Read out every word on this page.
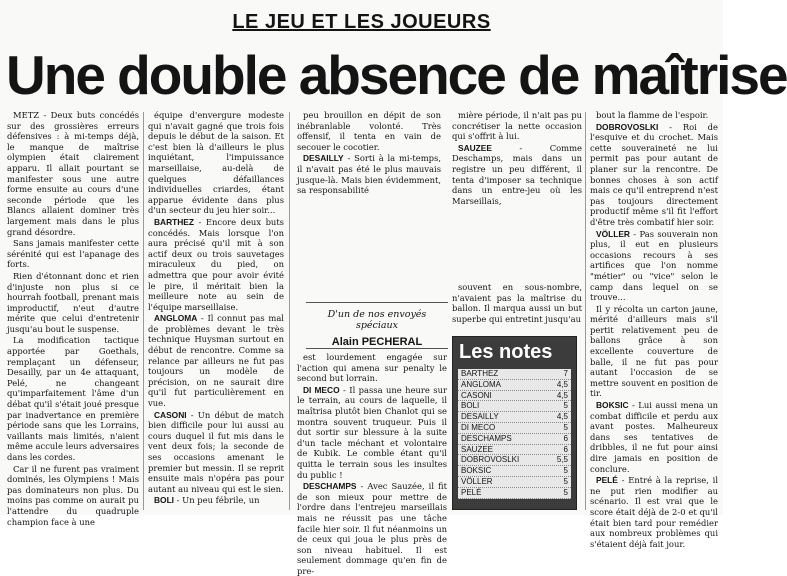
LE JEU ET LES JOUEURS
Une double absence de maîtrise

METZ - Deux buts concédés sur des grossières erreurs défensives : à mi-temps déjà, le manque de maîtrise olympien était clairement apparu. Il allait pourtant se manifester sous une autre forme ensuite au cours d'une seconde période que les Blancs allaient dominer très largement mais dans le plus grand désordre.

Sans jamais manifester cette sérénité qui est l'apanage des forts.

Rien d'étonnant donc et rien d'injuste non plus si ce hourrah football, prenant mais improductif, n'eut d'autre mérite que celui d'entretenir jusqu'au bout le suspense.

La modification tactique apportée par Goethals, remplaçant un défenseur, Desailly, par un 4e attaquant, Pelé, ne changeant qu'imparfaitement l'âme d'un débat qu'il s'était joué presque par inadvertance en première période sans que les Lorrains, vaillants mais limités, n'aient même accule leurs adversaires dans les cordes.

Car il ne furent pas vraiment dominés, les Olympiens ! Mais pas dominateurs non plus. Du moins pas comme on aurait pu l'attendre du quadruple champion face à une

équipe d'envergure modeste qui n'avait gagné que trois fois depuis le début de la saison. Et c'est bien là d'ailleurs le plus inquiétant, l'impuissance marseillaise, au-delà de quelques défaillances individuelles criardes, étant apparue évidente dans plus d'un secteur du jeu hier soir...

BARTHEZ - Encore deux buts concédés. Mais lorsque l'on aura précisé qu'il mit à son actif deux ou trois sauvetages miraculeux du pied, on admettra que pour avoir évité le pire, il méritait bien la meilleure note au sein de l'équipe marseillaise.

ANGLOMA - Il connut pas mal de problèmes devant le très technique Huysman surtout en début de rencontre. Comme sa relance par ailleurs ne fut pas toujours un modèle de précision, on ne saurait dire qu'il fut particulièrement en vue.

CASONI - Un début de match bien difficile pour lui aussi au cours duquel il fut mis dans le vent deux fois; la seconde de ses occasions amenant le premier but messin. Il se reprit ensuite mais n'opéra pas pour autant au niveau qui est le sien.

BOLI - Un peu fébrile, un

peu brouillon en dépit de son inébranlable volonté. Très offensif, il tenta en vain de secouer le cocotier.

DESAILLY - Sorti à la mi-temps, il n'avait pas été le plus mauvais jusque-là. Mais bien évidemment, sa responsabilité

est lourdement engagée sur l'action qui amena sur penalty le second but lorrain.

DI MECO - Il passa une heure sur le terrain, au cours de laquelle, il maîtrisa plutôt bien Chanlot qui se montra souvent truqueur. Puis il dut sortir sur blessure à la suite d'un tacle méchant et volontaire de Kubik. Le comble étant qu'il quitta le terrain sous les insultes du public !

DESCHAMPS - Avec Sauzée, il fit de son mieux pour mettre de l'ordre dans l'entrejeu marseillais mais ne réussit pas une tâche facile hier soir. Il fut néanmoins un de ceux qui joua le plus près de son niveau habituel. Il est seulement dommage qu'en fin de pre-

mière période, il n'ait pas pu concrétiser la nette occasion qui s'offrit à lui.

SAUZEE - Comme Deschamps, mais dans un registre un peu différent, il tenta d'imposer sa technique dans un entre-jeu où les Marseillais,

souvent en sous-nombre, n'avaient pas la maîtrise du ballon. Il marqua aussi un but superbe qui entretint jusqu'au

bout la flamme de l'espoir.

DOBROVOSLKI - Roi de l'esquive et du crochet. Mais cette souveraineté ne lui permit pas pour autant de planer sur la rencontre. De bonnes choses à son actif mais ce qu'il entreprend n'est pas toujours directement productif même s'il fit l'effort d'être très combatif hier soir.

VÖLLER - Pas souverain non plus, il eut en plusieurs occasions recours à ses artifices que l'on nomme "métier" ou "vice" selon le camp dans lequel on se trouve...

Il y récolta un carton jaune, mérité d'ailleurs mais s'il pertit relativement peu de ballons grâce à son excellente couverture de balle, il ne fut pas pour autant l'occasion de se mettre souvent en position de tir.

BOKSIC - Lui aussi mena un combat difficile et perdu aux avant postes. Malheureux dans ses tentatives de dribbles, il ne fut pour ainsi dire jamais en position de conclure.

PELÉ - Entré à la reprise, il ne put rien modifier au scénario. Il est vrai que le score était déjà de 2-0 et qu'il était bien tard pour remédier aux nombreux problèmes qui s'étaient déjà fait jour.

D'un de nos envoyés spéciaux
Alain PECHERAL	Les notes
BARTHEZ	7
ANGLOMA	4,5
CASONI	4,5
BOLI	5
DESAILLY	4,5
DI MECO	5
DESCHAMPS	6
SAUZEE	6
DOBROVOSLKI	5,5
BOKSIC	5
VÖLLER	5
PELÉ	5
